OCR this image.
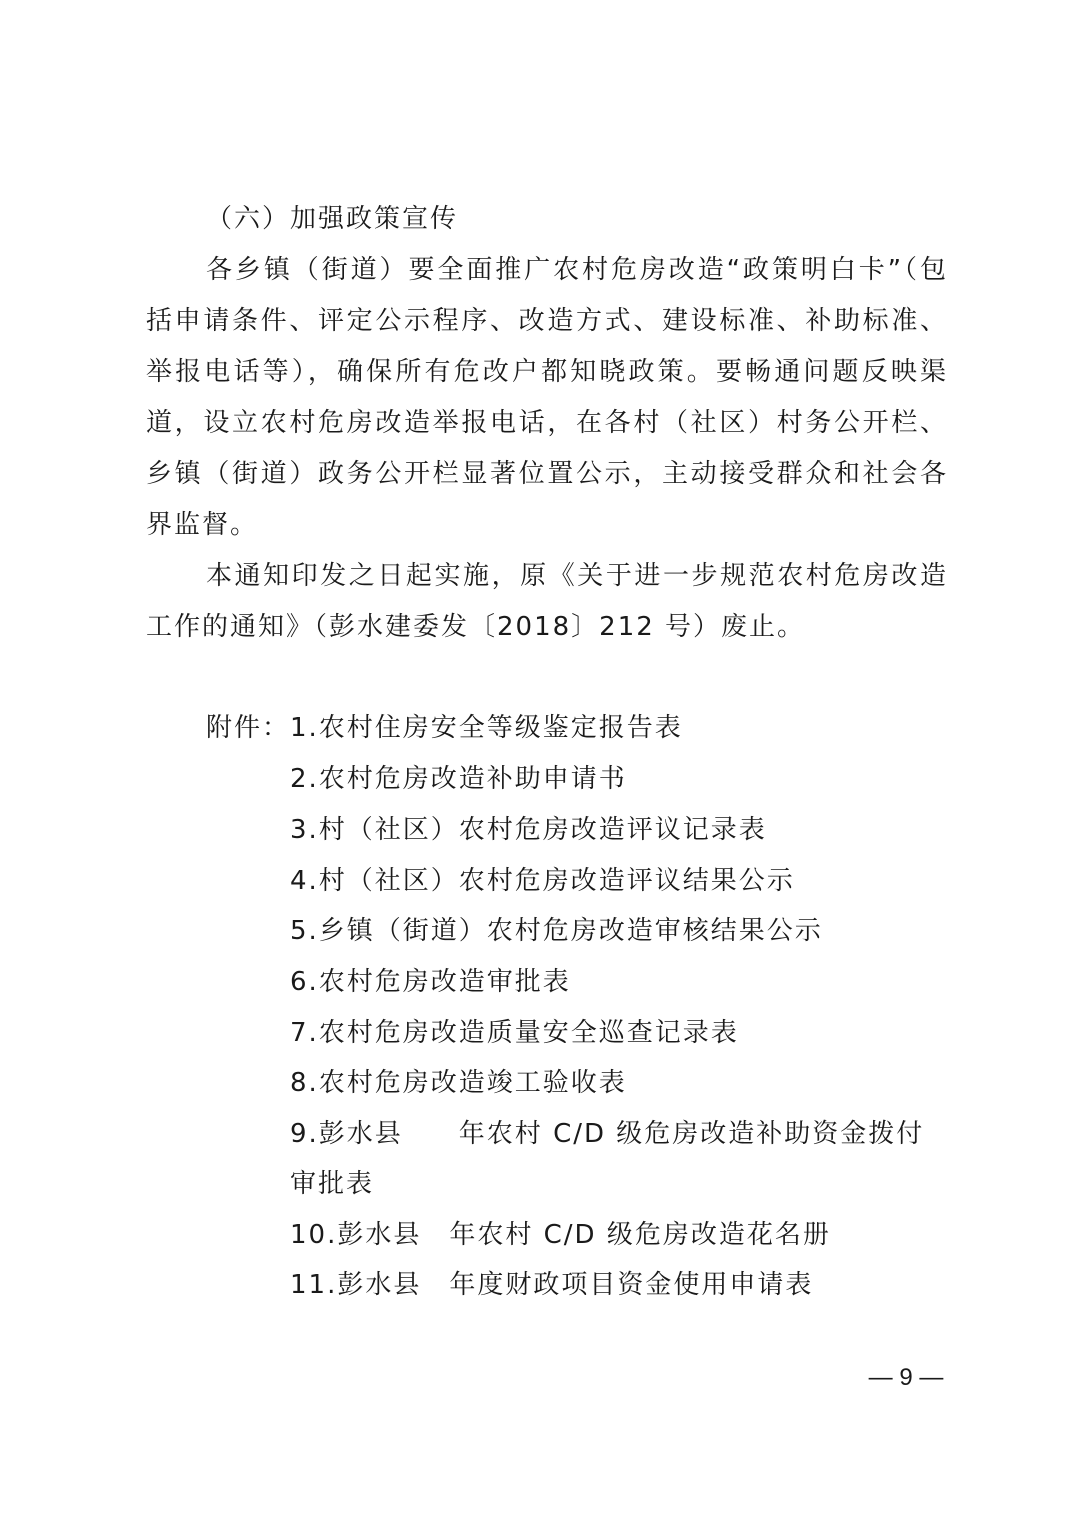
（六）加强政策宣传
各乡镇（街道）要全面推广农村危房改造“政策明白卡”（包
括申请条件、评定公示程序、改造方式、建设标准、补助标准、
举报电话等），确保所有危改户都知晓政策。要畅通问题反映渠
道，设立农村危房改造举报电话，在各村（社区）村务公开栏、
乡镇（街道）政务公开栏显著位置公示，主动接受群众和社会各
界监督。
本通知印发之日起实施，原《关于进一步规范农村危房改造
工作的通知》（彭水建委发〔2018〕212 号）废止。
附件： 1.农村住房安全等级鉴定报告表
2.农村危房改造补助申请书
3.村（社区）农村危房改造评议记录表
4.村（社区）农村危房改造评议结果公示
5.乡镇（街道）农村危房改造审核结果公示
6.农村危房改造审批表
7.农村危房改造质量安全巡查记录表
8.农村危房改造竣工验收表
9.彭水县　　年农村 C/D 级危房改造补助资金拨付
审批表
10.彭水县　年农村 C/D 级危房改造花名册
11.彭水县　年度财政项目资金使用申请表
— 9 —
